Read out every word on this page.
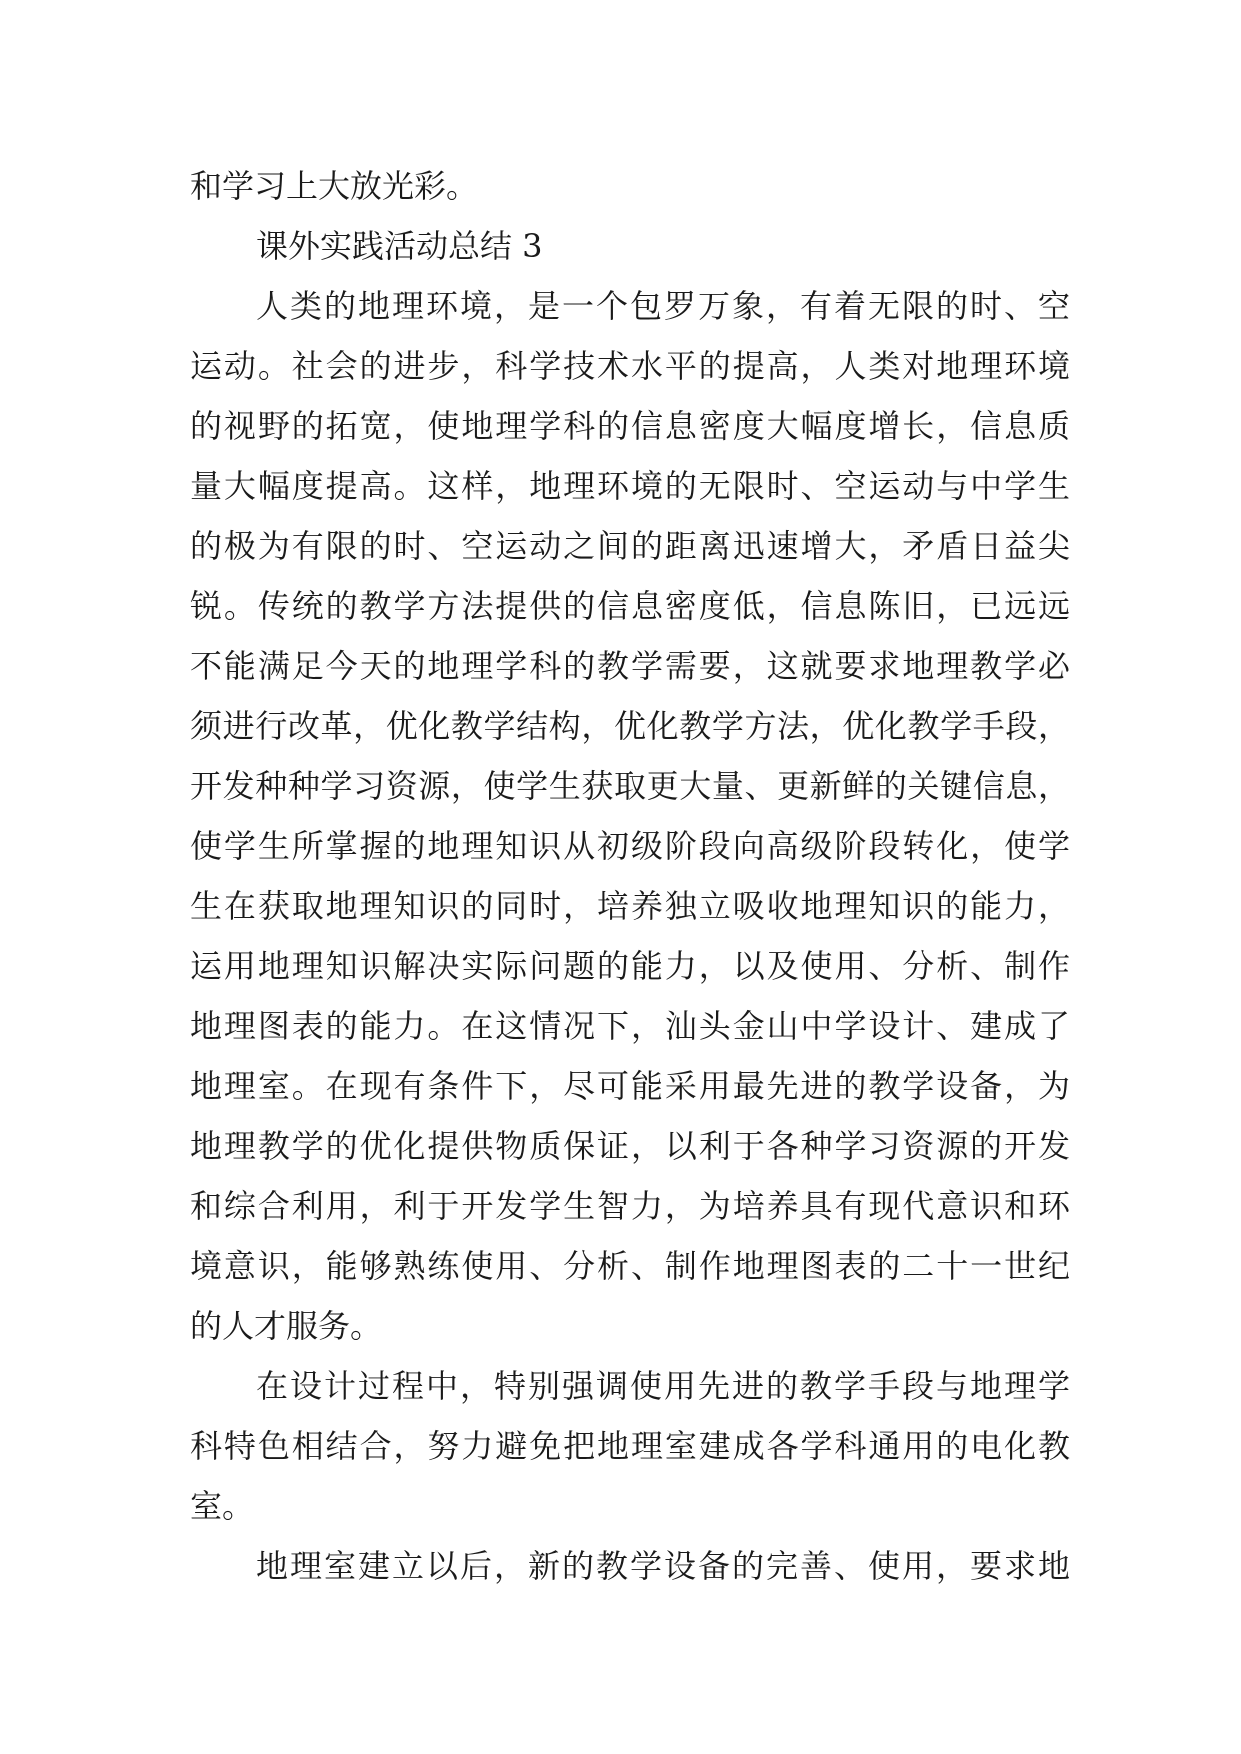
和学习上大放光彩。
课外实践活动总结 3
人类的地理环境，是一个包罗万象，有着无限的时、空
运动。社会的进步，科学技术水平的提高，人类对地理环境
的视野的拓宽，使地理学科的信息密度大幅度增长，信息质
量大幅度提高。这样，地理环境的无限时、空运动与中学生
的极为有限的时、空运动之间的距离迅速增大，矛盾日益尖
锐。传统的教学方法提供的信息密度低，信息陈旧，已远远
不能满足今天的地理学科的教学需要，这就要求地理教学必
须进行改革，优化教学结构，优化教学方法，优化教学手段，
开发种种学习资源，使学生获取更大量、更新鲜的关键信息，
使学生所掌握的地理知识从初级阶段向高级阶段转化，使学
生在获取地理知识的同时，培养独立吸收地理知识的能力，
运用地理知识解决实际问题的能力，以及使用、分析、制作
地理图表的能力。在这情况下，汕头金山中学设计、建成了
地理室。在现有条件下，尽可能采用最先进的教学设备，为
地理教学的优化提供物质保证，以利于各种学习资源的开发
和综合利用，利于开发学生智力，为培养具有现代意识和环
境意识，能够熟练使用、分析、制作地理图表的二十一世纪
的人才服务。
在设计过程中，特别强调使用先进的教学手段与地理学
科特色相结合，努力避免把地理室建成各学科通用的电化教
室。
地理室建立以后，新的教学设备的完善、使用，要求地
